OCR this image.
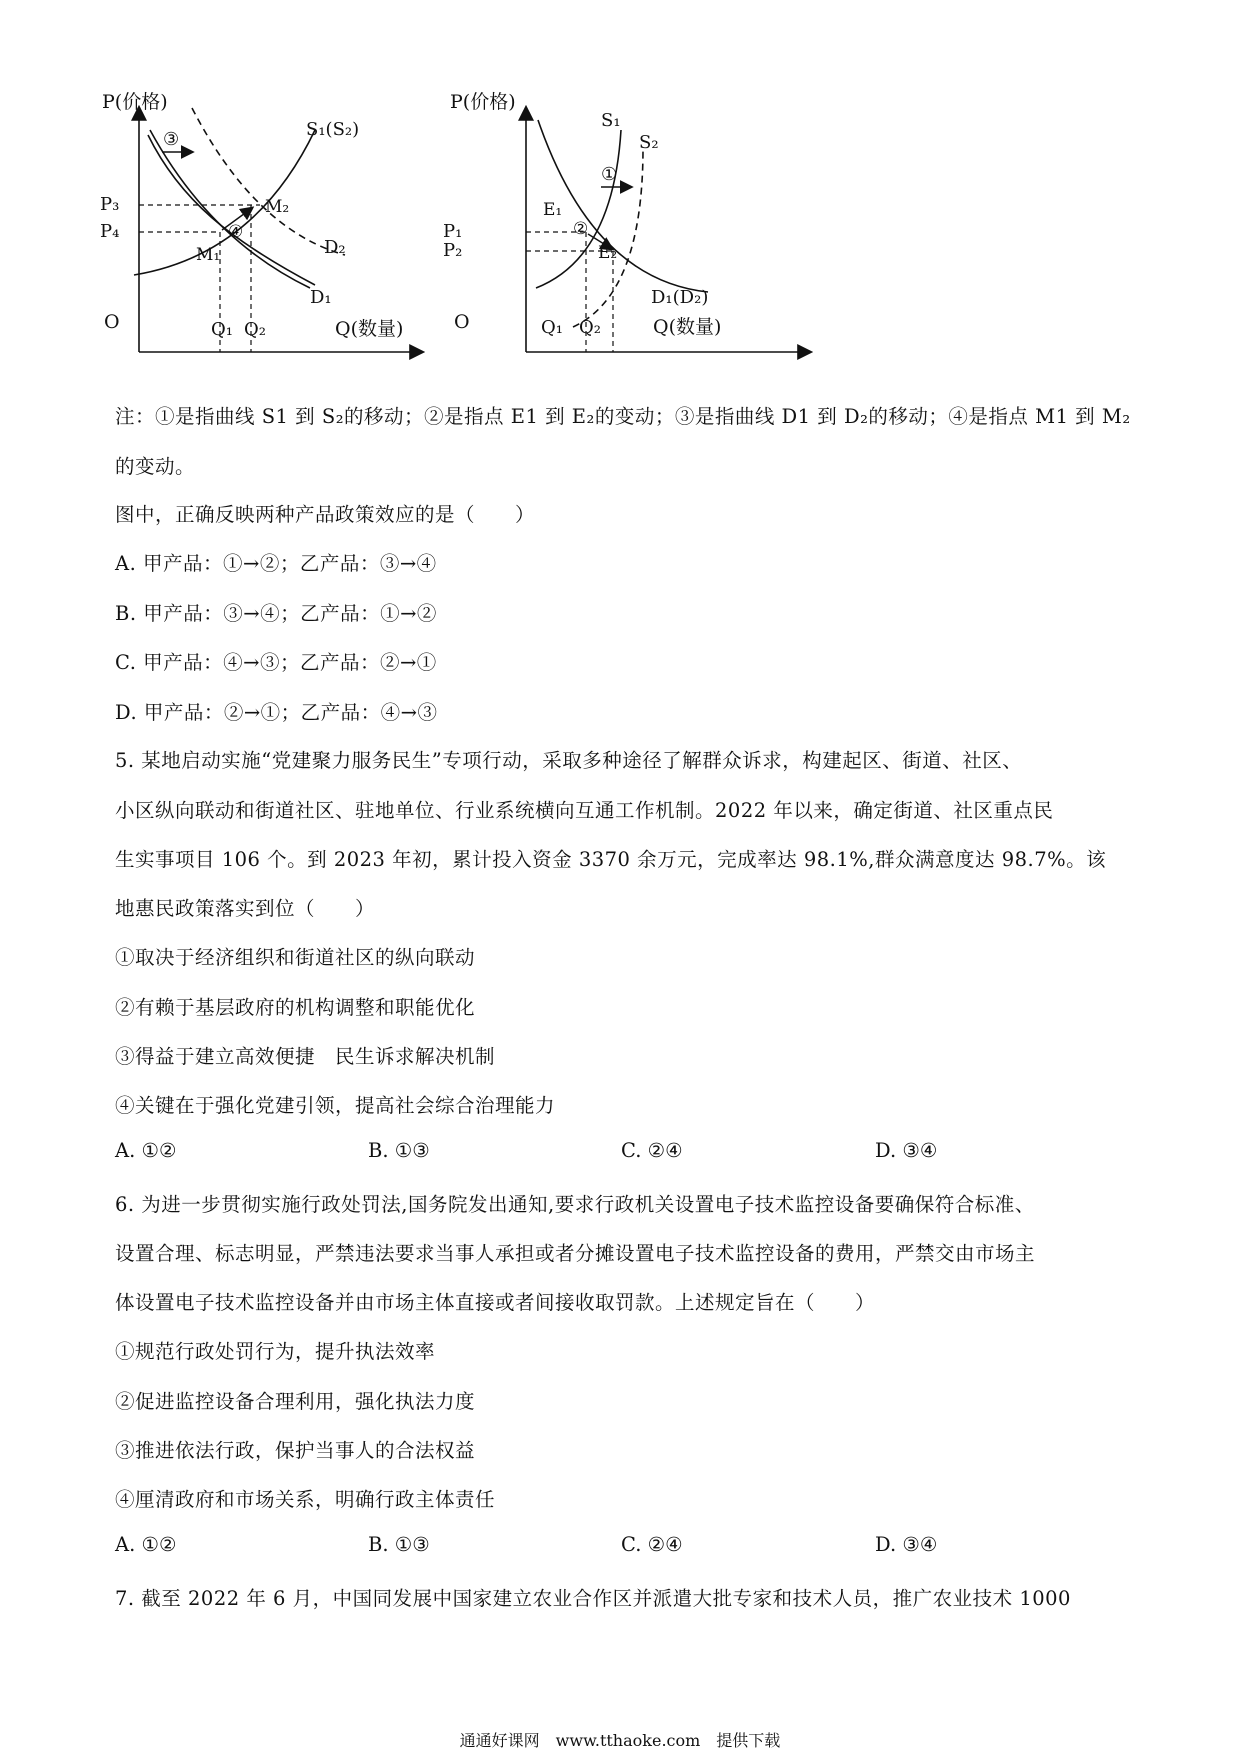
P(价格)
O	Q(数量)
P₃
P₄
Q₁ Q₂
S₁(S₂)
D₁
D₂
M₁
M₂
③
④
P(价格)
O	Q(数量)
P₁
P₂
Q₁ Q₂
S₁
S₂
D₁(D₂)
E₁
E₂
①
②
注：①是指曲线 S1 到 S₂的移动；②是指点 E1 到 E₂的变动；③是指曲线 D1 到 D₂的移动；④是指点 M1 到 M₂
的变动。
图中，正确反映两种产品政策效应的是（　　）
A. 甲产品：①→②；乙产品：③→④
B. 甲产品：③→④；乙产品：①→②
C. 甲产品：④→③；乙产品：②→①
D. 甲产品：②→①；乙产品：④→③
5. 某地启动实施“党建聚力服务民生”专项行动，采取多种途径了解群众诉求，构建起区、街道、社区、
小区纵向联动和街道社区、驻地单位、行业系统横向互通工作机制。2022 年以来，确定街道、社区重点民
生实事项目 106 个。到 2023 年初，累计投入资金 3370 余万元，完成率达 98.1%,群众满意度达 98.7%。该
地惠民政策落实到位（　　）
①取决于经济组织和街道社区的纵向联动
②有赖于基层政府的机构调整和职能优化
③得益于建立高效便捷　民生诉求解决机制
④关键在于强化党建引领，提高社会综合治理能力
A. ①②	B. ①③	C. ②④	D. ③④
6. 为进一步贯彻实施行政处罚法,国务院发出通知,要求行政机关设置电子技术监控设备要确保符合标准、
设置合理、标志明显，严禁违法要求当事人承担或者分摊设置电子技术监控设备的费用，严禁交由市场主
体设置电子技术监控设备并由市场主体直接或者间接收取罚款。上述规定旨在（　　）
①规范行政处罚行为，提升执法效率
②促进监控设备合理利用，强化执法力度
③推进依法行政，保护当事人的合法权益
④厘清政府和市场关系，明确行政主体责任
A. ①②	B. ①③	C. ②④	D. ③④
7. 截至 2022 年 6 月，中国同发展中国家建立农业合作区并派遣大批专家和技术人员，推广农业技术 1000
通通好课网　www.tthaoke.com　提供下载
